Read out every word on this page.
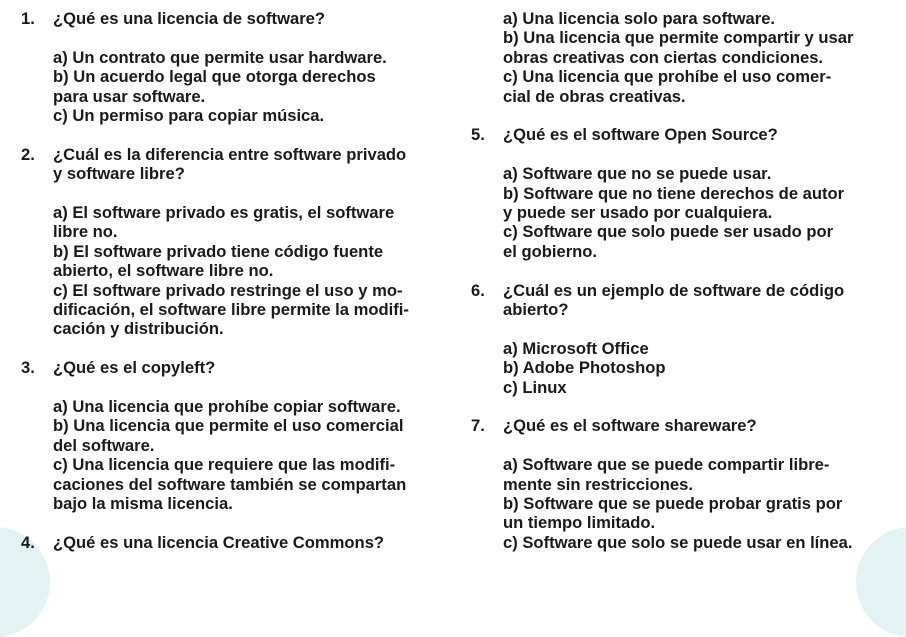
1.	¿Qué es una licencia de software?
a) Un contrato que permite usar hardware.
b) Un acuerdo legal que otorga derechos
para usar software.
c) Un permiso para copiar música.
2.	¿Cuál es la diferencia entre software privado
y software libre?
a) El software privado es gratis, el software
libre no.
b) El software privado tiene código fuente
abierto, el software libre no.
c) El software privado restringe el uso y mo-
dificación, el software libre permite la modifi-
cación y distribución.
3.	¿Qué es el copyleft?
a) Una licencia que prohíbe copiar software.
b) Una licencia que permite el uso comercial
del software.
c) Una licencia que requiere que las modifi-
caciones del software también se compartan
bajo la misma licencia.
4.	¿Qué es una licencia Creative Commons?
a) Una licencia solo para software.
b) Una licencia que permite compartir y usar
obras creativas con ciertas condiciones.
c) Una licencia que prohíbe el uso comer-
cial de obras creativas.
5.	¿Qué es el software Open Source?
a) Software que no se puede usar.
b) Software que no tiene derechos de autor
y puede ser usado por cualquiera.
c) Software que solo puede ser usado por
el gobierno.
6.	¿Cuál es un ejemplo de software de código
abierto?
a) Microsoft Office
b) Adobe Photoshop
c) Linux
7.	¿Qué es el software shareware?
a) Software que se puede compartir libre-
mente sin restricciones.
b) Software que se puede probar gratis por
un tiempo limitado.
c) Software que solo se puede usar en línea.
